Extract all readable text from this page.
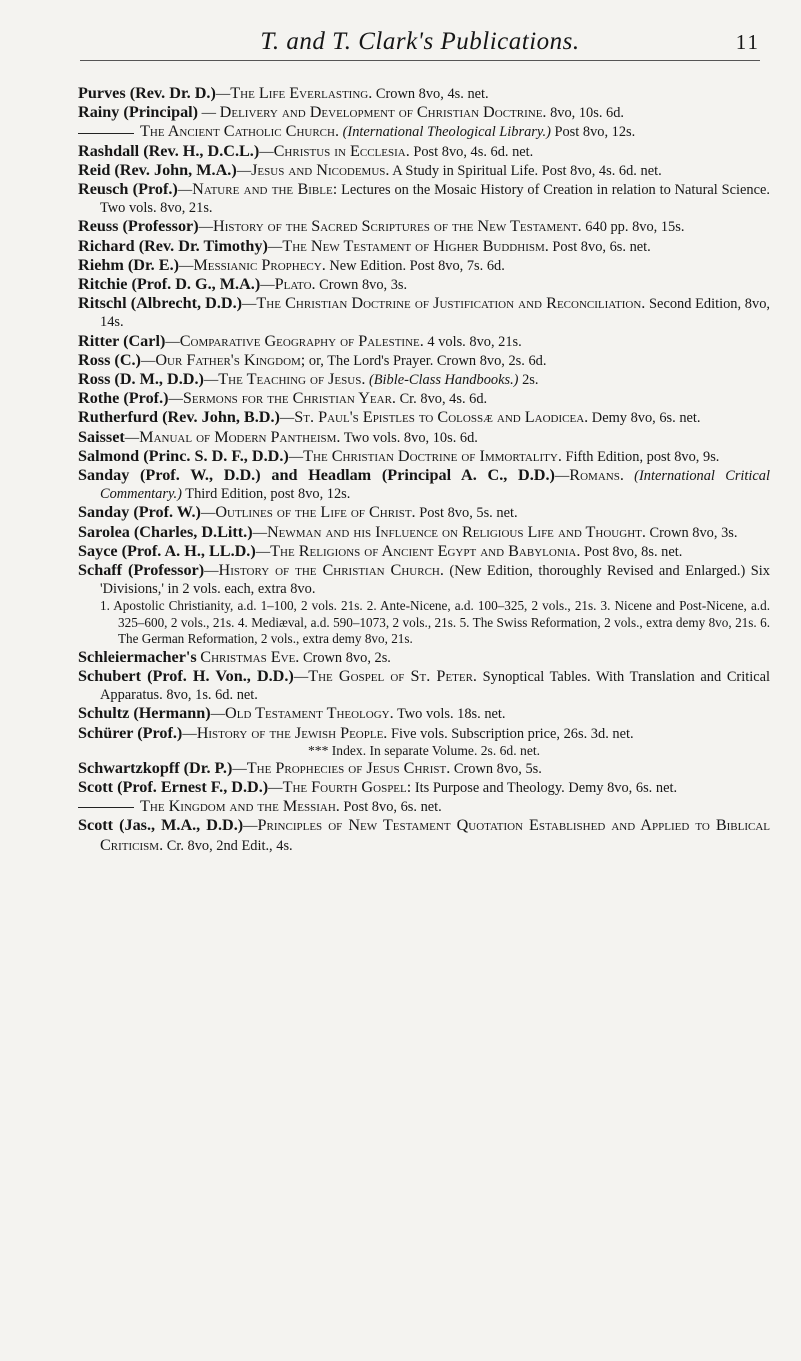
T. and T. Clark's Publications.	11
Purves (Rev. Dr. D.)—The Life Everlasting. Crown 8vo, 4s. net.
Rainy (Principal) — Delivery and Development of Christian Doctrine. 8vo, 10s. 6d.
The Ancient Catholic Church. (International Theological Library.) Post 8vo, 12s.
Rashdall (Rev. H., D.C.L.)—Christus in Ecclesia. Post 8vo, 4s. 6d. net.
Reid (Rev. John, M.A.)—Jesus and Nicodemus. A Study in Spiritual Life. Post 8vo, 4s. 6d. net.
Reusch (Prof.)—Nature and the Bible: Lectures on the Mosaic History of Creation in relation to Natural Science. Two vols. 8vo, 21s.
Reuss (Professor)—History of the Sacred Scriptures of the New Testament. 640 pp. 8vo, 15s.
Richard (Rev. Dr. Timothy)—The New Testament of Higher Buddhism. Post 8vo, 6s. net.
Riehm (Dr. E.)—Messianic Prophecy. New Edition. Post 8vo, 7s. 6d.
Ritchie (Prof. D. G., M.A.)—Plato. Crown 8vo, 3s.
Ritschl (Albrecht, D.D.)—The Christian Doctrine of Justification and Reconciliation. Second Edition, 8vo, 14s.
Ritter (Carl)—Comparative Geography of Palestine. 4 vols. 8vo, 21s.
Ross (C.)—Our Father's Kingdom; or, The Lord's Prayer. Crown 8vo, 2s. 6d.
Ross (D. M., D.D.)—The Teaching of Jesus. (Bible-Class Handbooks.) 2s.
Rothe (Prof.)—Sermons for the Christian Year. Cr. 8vo, 4s. 6d.
Rutherfurd (Rev. John, B.D.)—St. Paul's Epistles to Colossæ and Laodicea. Demy 8vo, 6s. net.
Saisset—Manual of Modern Pantheism. Two vols. 8vo, 10s. 6d.
Salmond (Princ. S. D. F., D.D.)—The Christian Doctrine of Immortality. Fifth Edition, post 8vo, 9s.
Sanday (Prof. W., D.D.) and Headlam (Principal A. C., D.D.)—Romans. (International Critical Commentary.) Third Edition, post 8vo, 12s.
Sanday (Prof. W.)—Outlines of the Life of Christ. Post 8vo, 5s. net.
Sarolea (Charles, D.Litt.)—Newman and his Influence on Religious Life and Thought. Crown 8vo, 3s.
Sayce (Prof. A. H., LL.D.)—The Religions of Ancient Egypt and Babylonia. Post 8vo, 8s. net.
Schaff (Professor)—History of the Christian Church. (New Edition, thoroughly Revised and Enlarged.) Six 'Divisions,' in 2 vols. each, extra 8vo.
1. Apostolic Christianity, a.d. 1–100, 2 vols. 21s. 2. Ante-Nicene, a.d. 100–325, 2 vols., 21s. 3. Nicene and Post-Nicene, a.d. 325–600, 2 vols., 21s. 4. Mediæval, a.d. 590–1073, 2 vols., 21s. 5. The Swiss Reformation, 2 vols., extra demy 8vo, 21s. 6. The German Reformation, 2 vols., extra demy 8vo, 21s.
Schleiermacher's Christmas Eve. Crown 8vo, 2s.
Schubert (Prof. H. Von., D.D.)—The Gospel of St. Peter. Synoptical Tables. With Translation and Critical Apparatus. 8vo, 1s. 6d. net.
Schultz (Hermann)—Old Testament Theology. Two vols. 18s. net.
Schürer (Prof.)—History of the Jewish People. Five vols. Subscription price, 26s. 3d. net.
*** Index. In separate Volume. 2s. 6d. net.
Schwartzkopff (Dr. P.)—The Prophecies of Jesus Christ. Crown 8vo, 5s.
Scott (Prof. Ernest F., D.D.)—The Fourth Gospel: Its Purpose and Theology. Demy 8vo, 6s. net.
The Kingdom and the Messiah. Post 8vo, 6s. net.
Scott (Jas., M.A., D.D.)—Principles of New Testament Quotation Established and Applied to Biblical Criticism. Cr. 8vo, 2nd Edit., 4s.
